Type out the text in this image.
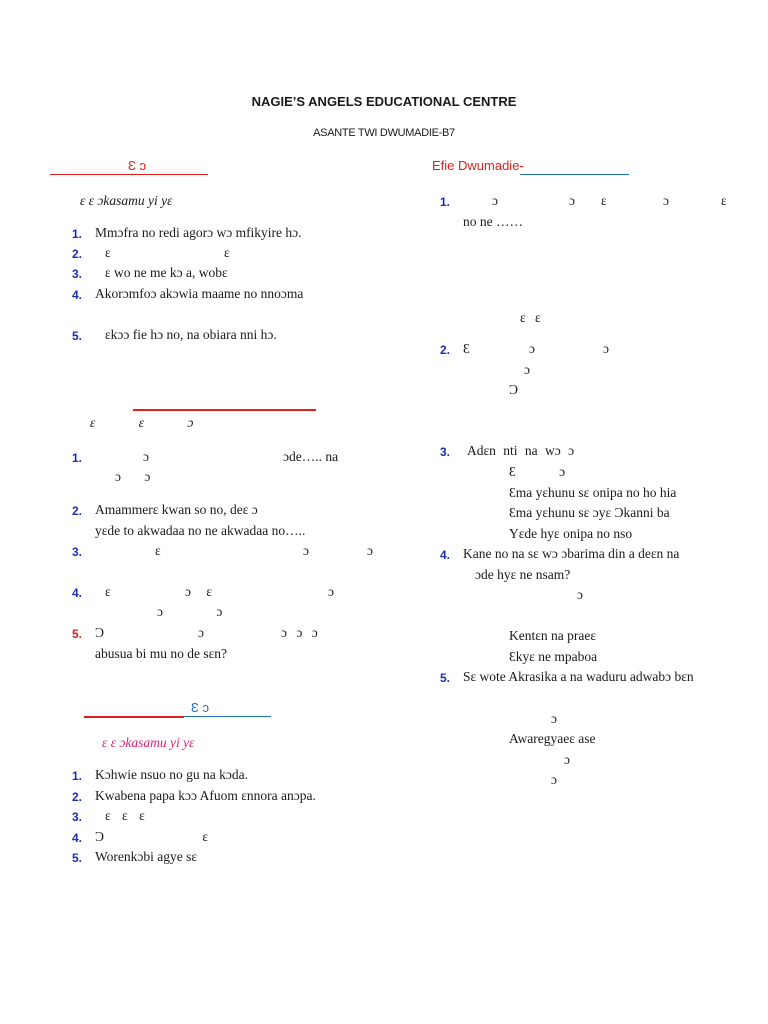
NAGIE’S ANGELS EDUCATIONAL CENTRE
ASANTE TWI DWUMADIE-B7
Ɛ ɔ
ɛ ɛ ɔkasamu yi yɛ
1. Mmɔfra no redi agorɔ wɔ mfikyire hɔ.
2. ɛ ɛ
3. ɛ wo ne me kɔ a, wobɛ
4. Akorɔmfoɔ akɔwia maame no nnoɔma
5. ɛkɔɔ fie hɔ no, na obiara nni hɔ.
ɛ ɛ ɔ
1.	ɔ	ɔde….. na
ɔ ɔ
2. Amammerɛ kwan so no, deɛ ɔ
yɛde to akwadaa no ne akwadaa no…..
3.	ɛ	ɔ	ɔ
4. ɛ	ɔ ɛ	ɔ
ɔ ɔ
5. Ɔ	ɔ	ɔ ɔ ɔ
abusua bi mu no de sɛn?
Ɛ ɔ
ɛ ɛ ɔkasamu yi yɛ
1. Kɔhwie nsuo no gu na kɔda.
2. Kwabena papa kɔɔ Afuom ɛnnora anɔpa.
3. ɛ ɛ ɛ
4. Ɔ ɛ
5. Worenkɔbi agye sɛ
Efie Dwumadie-
1.	ɔ	ɔ ɛ	ɔ	ɛ
no ne ……
ɛ ɛ
2. Ɛ	ɔ	ɔ
ɔ
Ɔ
3. Adɛn nti na wɔ ɔ
Ɛ ɔ
Ɛma yɛhunu sɛ onipa no ho hia
Ɛma yɛhunu sɛ ɔyɛ Ɔkanni ba
Yɛde hyɛ onipa no nso
4. Kane no na sɛ wɔ ɔbarima din a deɛn na
ɔde hyɛ ne nsam?
ɔ
Kentɛn na praeɛ
Ɛkyɛ ne mpaboa
5. Sɛ wote Akrasika a na waduru adwabɔ bɛn
ɔ
Awaregyaeɛ ase
ɔ
ɔ
